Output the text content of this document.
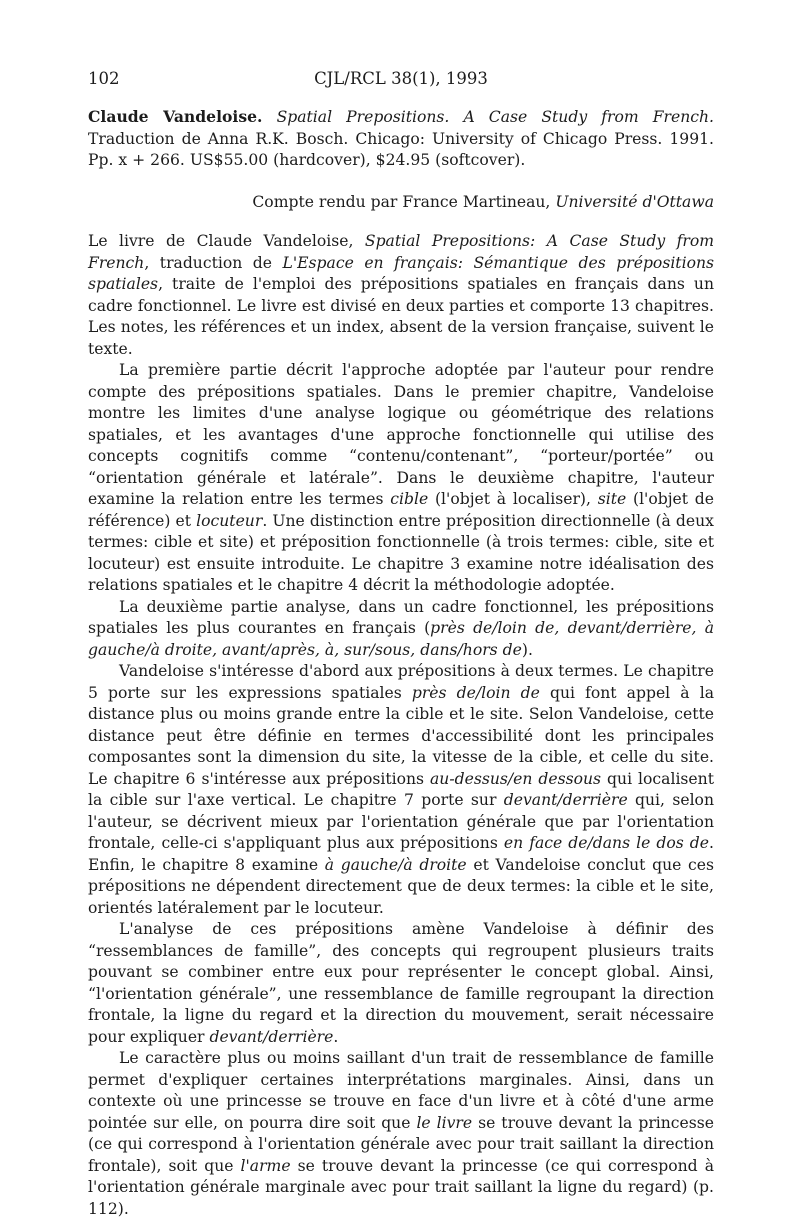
102	CJL/RCL 38(1), 1993
Claude Vandeloise. Spatial Prepositions. A Case Study from French. Traduction de Anna R.K. Bosch. Chicago: University of Chicago Press. 1991. Pp. x + 266. US$55.00 (hardcover), $24.95 (softcover).
Compte rendu par France Martineau, Université d'Ottawa

Le livre de Claude Vandeloise, Spatial Prepositions: A Case Study from French, traduction de L'Espace en français: Sémantique des prépositions spatiales, traite de l'emploi des prépositions spatiales en français dans un cadre fonctionnel. Le livre est divisé en deux parties et comporte 13 chapitres. Les notes, les références et un index, absent de la version française, suivent le texte.

La première partie décrit l'approche adoptée par l'auteur pour rendre compte des prépositions spatiales. Dans le premier chapitre, Vandeloise montre les limites d'une analyse logique ou géométrique des relations spatiales, et les avantages d'une approche fonctionnelle qui utilise des concepts cognitifs comme “contenu/contenant”, “porteur/portée” ou “orientation générale et latérale”. Dans le deuxième chapitre, l'auteur examine la relation entre les termes cible (l'objet à localiser), site (l'objet de référence) et locuteur. Une distinction entre préposition directionnelle (à deux termes: cible et site) et préposition fonctionnelle (à trois termes: cible, site et locuteur) est ensuite introduite. Le chapitre 3 examine notre idéalisation des relations spatiales et le chapitre 4 décrit la méthodologie adoptée.

La deuxième partie analyse, dans un cadre fonctionnel, les prépositions spatiales les plus courantes en français (près de/loin de, devant/derrière, à gauche/à droite, avant/après, à, sur/sous, dans/hors de).

Vandeloise s'intéresse d'abord aux prépositions à deux termes. Le chapitre 5 porte sur les expressions spatiales près de/loin de qui font appel à la distance plus ou moins grande entre la cible et le site. Selon Vandeloise, cette distance peut être définie en termes d'accessibilité dont les principales composantes sont la dimension du site, la vitesse de la cible, et celle du site. Le chapitre 6 s'intéresse aux prépositions au-dessus/en dessous qui localisent la cible sur l'axe vertical. Le chapitre 7 porte sur devant/derrière qui, selon l'auteur, se décrivent mieux par l'orientation générale que par l'orientation frontale, celle-ci s'appliquant plus aux prépositions en face de/dans le dos de. Enfin, le chapitre 8 examine à gauche/à droite et Vandeloise conclut que ces prépositions ne dépendent directement que de deux termes: la cible et le site, orientés latéralement par le locuteur.

L'analyse de ces prépositions amène Vandeloise à définir des “ressemblances de famille”, des concepts qui regroupent plusieurs traits pouvant se combiner entre eux pour représenter le concept global. Ainsi, “l'orientation générale”, une ressemblance de famille regroupant la direction frontale, la ligne du regard et la direction du mouvement, serait nécessaire pour expliquer devant/derrière.

Le caractère plus ou moins saillant d'un trait de ressemblance de famille permet d'expliquer certaines interprétations marginales. Ainsi, dans un contexte où une princesse se trouve en face d'un livre et à côté d'une arme pointée sur elle, on pourra dire soit que le livre se trouve devant la princesse (ce qui correspond à l'orientation générale avec pour trait saillant la direction frontale), soit que l'arme se trouve devant la princesse (ce qui correspond à l'orientation générale marginale avec pour trait saillant la ligne du regard) (p. 112).
